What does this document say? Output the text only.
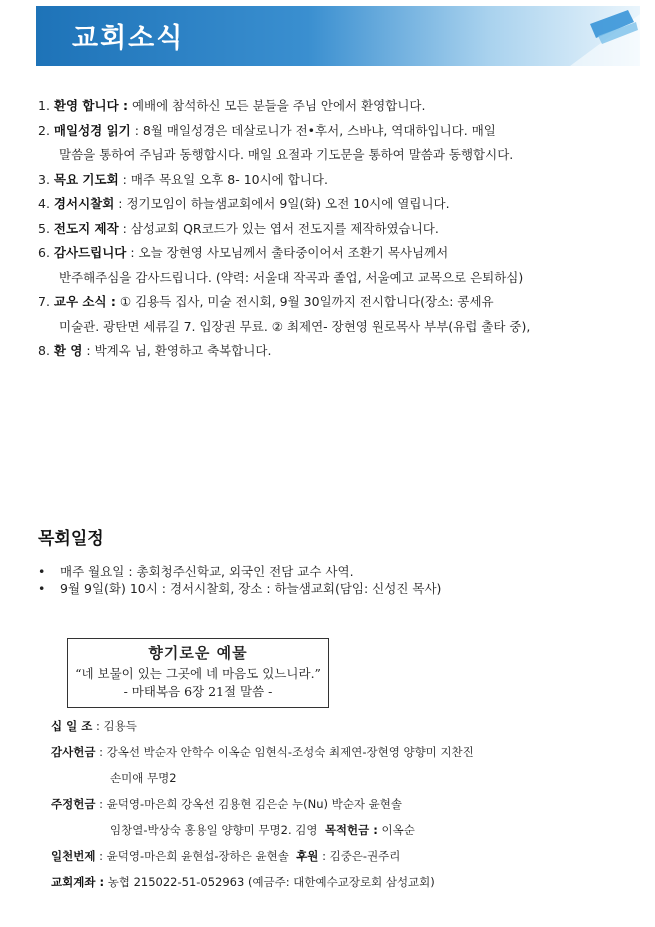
교회소식
1. 환영 합니다 : 예배에 참석하신 모든 분들을 주님 안에서 환영합니다.
2. 매일성경 읽기 : 8월 매일성경은 데살로니가 전•후서, 스바냐, 역대하입니다. 매일
말씀을 통하여 주님과 동행합시다. 매일 요절과 기도문을 통하여 말씀과 동행합시다.
3. 목요 기도회 : 매주 목요일 오후 8- 10시에 합니다.
4. 경서시찰회 : 정기모임이 하늘샘교회에서 9일(화) 오전 10시에 열립니다.
5. 전도지 제작 : 삼성교회 QR코드가 있는 엽서 전도지를 제작하였습니다.
6. 감사드립니다 : 오늘 장현영 사모님께서 출타중이어서 조환기 목사님께서
반주해주심을 감사드립니다. (약력: 서울대 작곡과 졸업, 서울예고 교목으로 은퇴하심)
7. 교우 소식 : ① 김용득 집사, 미술 전시회, 9월 30일까지 전시합니다(장소: 콩세유
미술관. 광탄면 세류길 7. 입장권 무료. ② 최제연- 장현영 원로목사 부부(유럽 출타 중),
8. 환 영 : 박계옥 님, 환영하고 축복합니다.
목회일정
•	매주 월요일 : 총회청주신학교, 외국인 전담 교수 사역.
•	9월 9일(화) 10시 : 경서시찰회, 장소 : 하늘샘교회(담임: 신성진 목사)
향기로운 예물
“네 보물이 있는 그곳에 네 마음도 있느니라.”
- 마태복음 6장 21절 말씀 -
십 일 조 : 김용득
감사헌금 : 강옥선 박순자 안학수 이옥순 임현식-조성숙 최제연-장현영 양향미 지찬진
손미애 무명2
주정헌금 : 윤덕영-마은희 강옥선 김용현 김은순 누(Nu) 박순자 윤현솔
임창열-박상숙 홍용일 양향미 무명2. 김영 목적헌금 : 이옥순
일천번제 : 윤덕영-마은희 윤현섭-장하은 윤현솔 후원 : 김중은-권주리
교회계좌 : 농협 215022-51-052963 (예금주: 대한예수교장로회 삼성교회)
